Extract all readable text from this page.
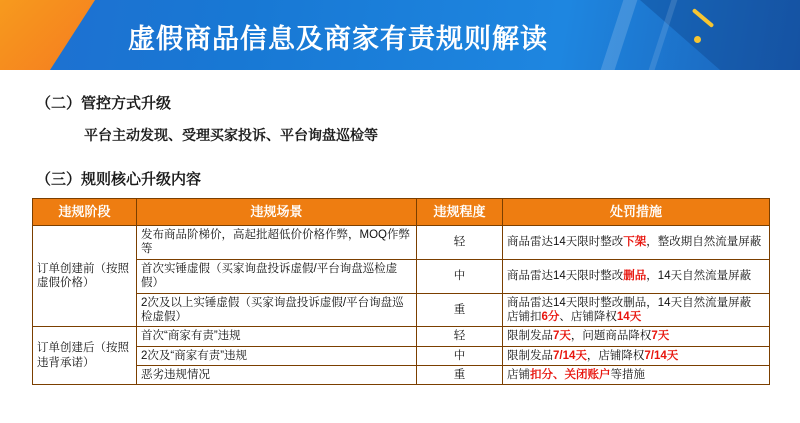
虚假商品信息及商家有责规则解读
（二）管控方式升级
平台主动发现、受理买家投诉、平台询盘巡检等
（三）规则核心升级内容
违规阶段	违规场景	违规程度	处罚措施
订单创建前（按照虚假价格）	发布商品阶梯价，高起批超低价价格作弊，MOQ作弊等	轻	商品雷达14天限时整改下架，整改期自然流量屏蔽
	首次实锤虚假（买家询盘投诉虚假/平台询盘巡检虚假）	中	商品雷达14天限时整改删品，14天自然流量屏蔽
	2次及以上实锤虚假（买家询盘投诉虚假/平台询盘巡检虚假）	重	商品雷达14天限时整改删品，14天自然流量屏蔽
店铺扣6分、店铺降权14天

订单创建后（按照违背承诺）	首次“商家有责”违规	轻	限制发品7天，问题商品降权7天
	2次及“商家有责”违规	中	限制发品7/14天，店铺降权7/14天
	恶劣违规情况	重	店铺扣分、关闭账户等措施
